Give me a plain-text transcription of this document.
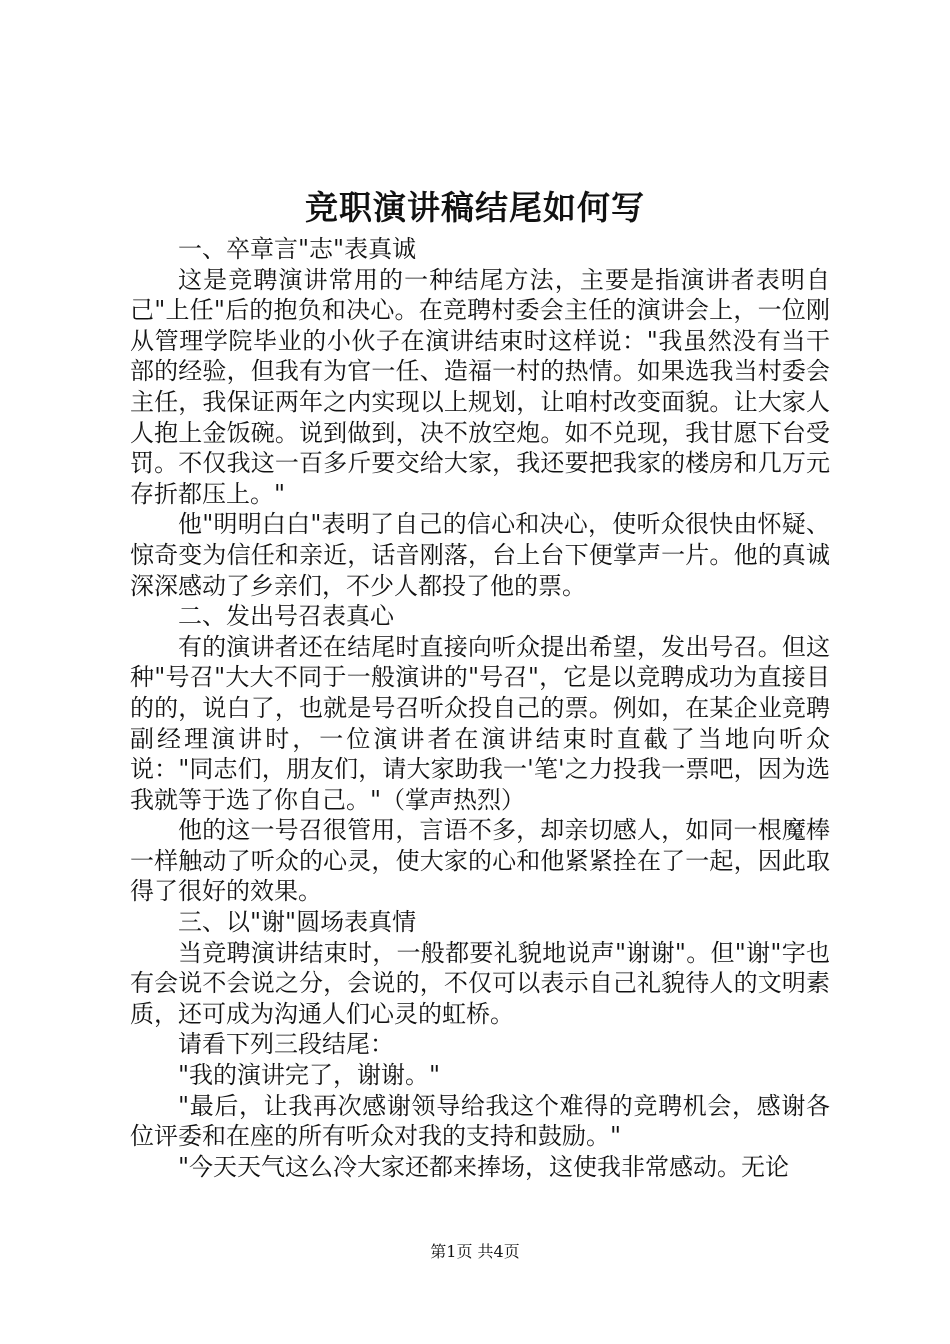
竞职演讲稿结尾如何写

一、卒章言"志"表真诚

这是竞聘演讲常用的一种结尾方法，主要是指演讲者表明自己"上任"后的抱负和决心。在竞聘村委会主任的演讲会上，一位刚从管理学院毕业的小伙子在演讲结束时这样说："我虽然没有当干部的经验，但我有为官一任、造福一村的热情。如果选我当村委会主任，我保证两年之内实现以上规划，让咱村改变面貌。让大家人人抱上金饭碗。说到做到，决不放空炮。如不兑现，我甘愿下台受罚。不仅我这一百多斤要交给大家，我还要把我家的楼房和几万元存折都压上。"

他"明明白白"表明了自己的信心和决心，使听众很快由怀疑、惊奇变为信任和亲近，话音刚落，台上台下便掌声一片。他的真诚深深感动了乡亲们，不少人都投了他的票。

二、发出号召表真心

有的演讲者还在结尾时直接向听众提出希望，发出号召。但这种"号召"大大不同于一般演讲的"号召"，它是以竞聘成功为直接目的的，说白了，也就是号召听众投自己的票。例如，在某企业竞聘副经理演讲时，一位演讲者在演讲结束时直截了当地向听众说："同志们，朋友们，请大家助我一'笔'之力投我一票吧，因为选我就等于选了你自己。"（掌声热烈）

他的这一号召很管用，言语不多，却亲切感人，如同一根魔棒一样触动了听众的心灵，使大家的心和他紧紧拴在了一起，因此取得了很好的效果。

三、以"谢"圆场表真情

当竞聘演讲结束时，一般都要礼貌地说声"谢谢"。但"谢"字也有会说不会说之分，会说的，不仅可以表示自己礼貌待人的文明素质，还可成为沟通人们心灵的虹桥。

请看下列三段结尾：

"我的演讲完了，谢谢。"

"最后，让我再次感谢领导给我这个难得的竞聘机会，感谢各位评委和在座的所有听众对我的支持和鼓励。"

"今天天气这么冷大家还都来捧场，这使我非常感动。无论

第1页 共4页
